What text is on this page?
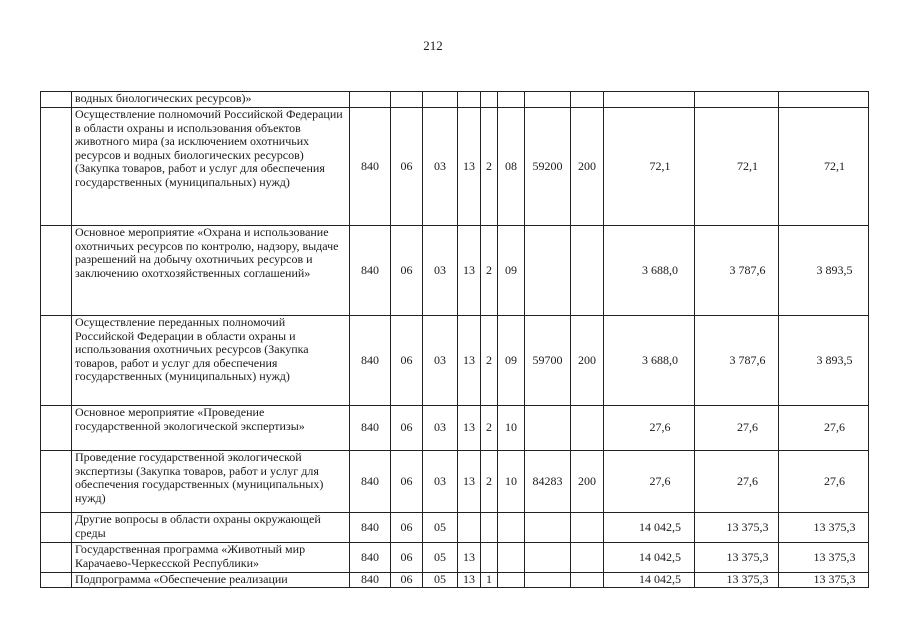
212
	водных биологических ресурсов)»											
	Осуществление полномочий Российской Федерации в области охраны и использования объектов животного мира (за исключением охотничьих ресурсов и водных биологических ресурсов) (Закупка товаров, работ и услуг для обеспечения государственных (муниципальных) нужд)	840	06	03	13	2	08	59200	200	72,1	72,1	72,1
	Основное мероприятие «Охрана и использование охотничьих ресурсов по контролю, надзору, выдаче разрешений на добычу охотничьих ресурсов и заключению охотхозяйственных соглашений»	840	06	03	13	2	09			3 688,0	3 787,6	3 893,5
	Осуществление переданных полномочий Российской Федерации в области охраны и использования охотничьих ресурсов (Закупка товаров, работ и услуг для обеспечения государственных (муниципальных) нужд)	840	06	03	13	2	09	59700	200	3 688,0	3 787,6	3 893,5
	Основное мероприятие «Проведение государственной экологической экспертизы»	840	06	03	13	2	10			27,6	27,6	27,6
	Проведение государственной экологической экспертизы (Закупка товаров, работ и услуг для обеспечения государственных (муниципальных) нужд)	840	06	03	13	2	10	84283	200	27,6	27,6	27,6
	Другие вопросы в области охраны окружающей среды	840	06	05						14 042,5	13 375,3	13 375,3
	Государственная программа «Животный мир Карачаево-Черкесской Республики»	840	06	05	13					14 042,5	13 375,3	13 375,3
	Подпрограмма «Обеспечение реализации	840	06	05	13	1				14 042,5	13 375,3	13 375,3
